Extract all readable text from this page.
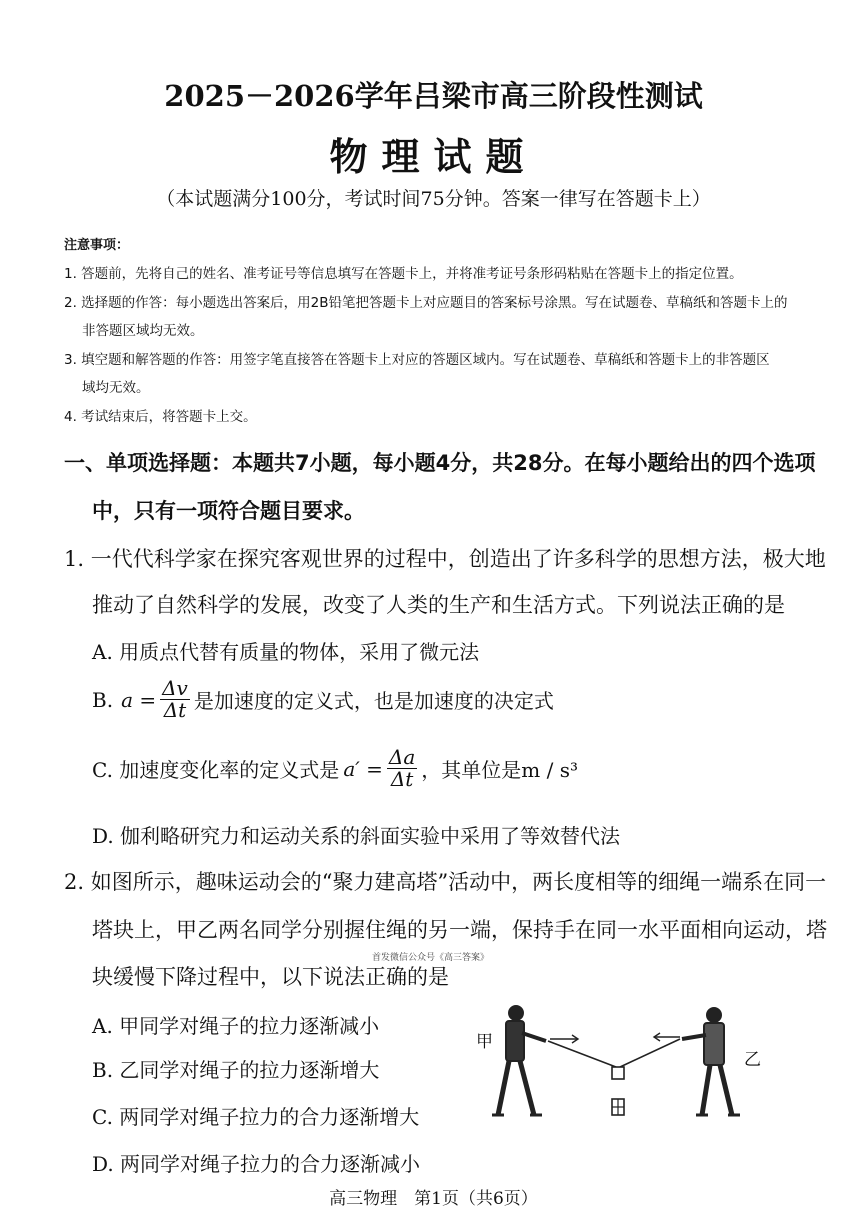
2025－2026学年吕梁市高三阶段性测试
物理试题
（本试题满分100分，考试时间75分钟。答案一律写在答题卡上）
注意事项：
1. 答题前，先将自己的姓名、准考证号等信息填写在答题卡上，并将准考证号条形码粘贴在答题卡上的指定位置。
2. 选择题的作答：每小题选出答案后，用2B铅笔把答题卡上对应题目的答案标号涂黑。写在试题卷、草稿纸和答题卡上的
非答题区域均无效。
3. 填空题和解答题的作答：用签字笔直接答在答题卡上对应的答题区域内。写在试题卷、草稿纸和答题卡上的非答题区
域均无效。
4. 考试结束后，将答题卡上交。
一、单项选择题：本题共7小题，每小题4分，共28分。在每小题给出的四个选项
中，只有一项符合题目要求。
1. 一代代科学家在探究客观世界的过程中，创造出了许多科学的思想方法，极大地
推动了自然科学的发展，改变了人类的生产和生活方式。下列说法正确的是
A. 用质点代替有质量的物体，采用了微元法
B. $a = \frac{\Delta v}{\Delta t}$ 是加速度的定义式，也是加速度的决定式
C. 加速度变化率的定义式是 $a' = \frac{\Delta a}{\Delta t}$ ，其单位是m / s³
D. 伽利略研究力和运动关系的斜面实验中采用了等效替代法
2. 如图所示，趣味运动会的“聚力建高塔”活动中，两长度相等的细绳一端系在同一
塔块上，甲乙两名同学分别握住绳的另一端，保持手在同一水平面相向运动，塔
首发微信公众号《高三答案》
块缓慢下降过程中，以下说法正确的是
A. 甲同学对绳子的拉力逐渐减小
B. 乙同学对绳子的拉力逐渐增大
C. 两同学对绳子拉力的合力逐渐增大
D. 两同学对绳子拉力的合力逐渐减小
甲
乙
高三物理　第1页（共6页）
